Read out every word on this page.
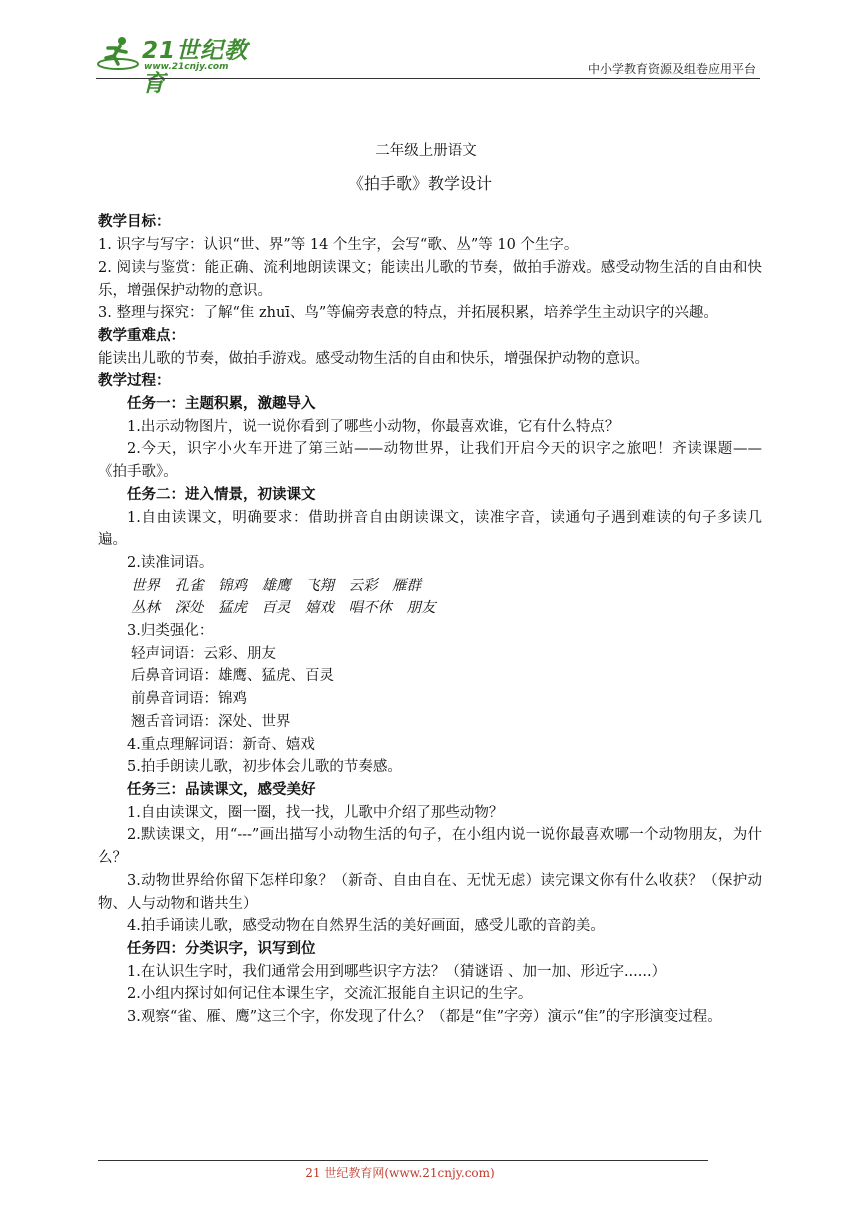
21世纪教育
www.21cnjy.com	中小学教育资源及组卷应用平台
二年级上册语文
《拍手歌》教学设计

教学目标：

1. 识字与写字：认识“世、界”等 14 个生字，会写“歌、丛”等 10 个生字。

2. 阅读与鉴赏：能正确、流利地朗读课文；能读出儿歌的节奏，做拍手游戏。感受动物生活的自由和快乐，增强保护动物的意识。

3. 整理与探究：了解“隹 zhuī、鸟”等偏旁表意的特点，并拓展积累，培养学生主动识字的兴趣。

教学重难点：

能读出儿歌的节奏，做拍手游戏。感受动物生活的自由和快乐，增强保护动物的意识。

教学过程：

任务一：主题积累，激趣导入

1.出示动物图片，说一说你看到了哪些小动物，你最喜欢谁，它有什么特点？

2.今天，识字小火车开进了第三站——动物世界，让我们开启今天的识字之旅吧！齐读课题——《拍手歌》。

任务二：进入情景，初读课文

1.自由读课文，明确要求：借助拼音自由朗读课文，读准字音，读通句子遇到难读的句子多读几遍。

2.读准词语。

世界　孔雀　锦鸡　雄鹰　飞翔　云彩　雁群

丛林　深处　猛虎　百灵　嬉戏　唱不休　朋友

3.归类强化：

轻声词语：云彩、朋友

后鼻音词语：雄鹰、猛虎、百灵

前鼻音词语：锦鸡

翘舌音词语：深处、世界

4.重点理解词语：新奇、嬉戏

5.拍手朗读儿歌，初步体会儿歌的节奏感。

任务三：品读课文，感受美好

1.自由读课文，圈一圈，找一找，儿歌中介绍了那些动物？

2.默读课文，用“---”画出描写小动物生活的句子，在小组内说一说你最喜欢哪一个动物朋友，为什么？

3.动物世界给你留下怎样印象？（新奇、自由自在、无忧无虑）读完课文你有什么收获？（保护动物、人与动物和谐共生）

4.拍手诵读儿歌，感受动物在自然界生活的美好画面，感受儿歌的音韵美。

任务四：分类识字，识写到位

1.在认识生字时，我们通常会用到哪些识字方法？（猜谜语 、加一加、形近字......）

2.小组内探讨如何记住本课生字，交流汇报能自主识记的生字。

3.观察“雀、雁、鹰”这三个字，你发现了什么？（都是“隹”字旁）演示“隹”的字形演变过程。

21 世纪教育网(www.21cnjy.com)
